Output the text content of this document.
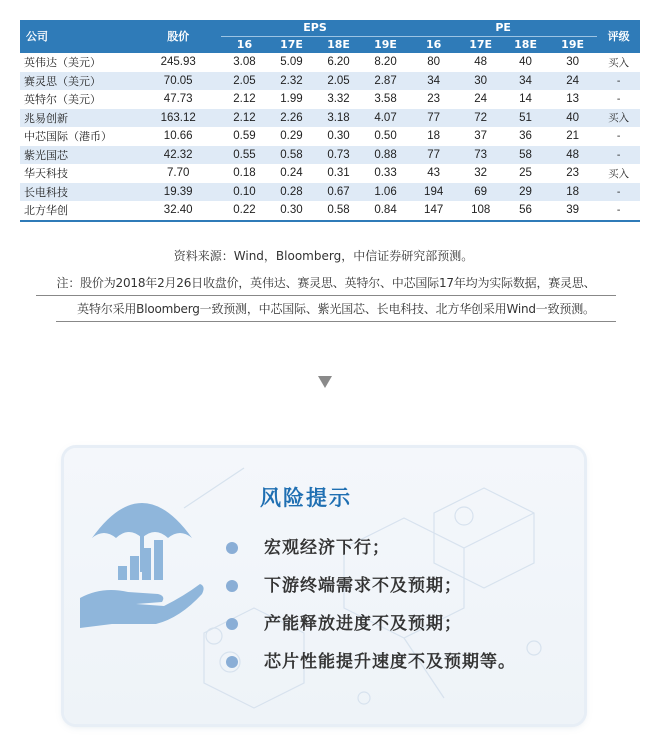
公司	股价	EPS				PE				评级
		16	17E	18E	19E	16	17E	18E	19E	
英伟达（美元）	245.93	3.08	5.09	6.20	8.20	80	48	40	30	买入
赛灵思（美元）	70.05	2.05	2.32	2.05	2.87	34	30	34	24	-
英特尔（美元）	47.73	2.12	1.99	3.32	3.58	23	24	14	13	-
兆易创新	163.12	2.12	2.26	3.18	4.07	77	72	51	40	买入
中芯国际（港币）	10.66	0.59	0.29	0.30	0.50	18	37	36	21	-
紫光国芯	42.32	0.55	0.58	0.73	0.88	77	73	58	48	-
华天科技	7.70	0.18	0.24	0.31	0.33	43	32	25	23	买入
长电科技	19.39	0.10	0.28	0.67	1.06	194	69	29	18	-
北方华创	32.40	0.22	0.30	0.58	0.84	147	108	56	39	-
资料来源：Wind，Bloomberg，中信证券研究部预测。
注：股价为2018年2月26日收盘价，英伟达、赛灵思、英特尔、中芯国际17年均为实际数据，赛灵思、
英特尔采用Bloomberg一致预测，中芯国际、紫光国芯、长电科技、北方华创采用Wind一致预测。
风险提示
宏观经济下行；
下游终端需求不及预期；
产能释放进度不及预期；
芯片性能提升速度不及预期等。
